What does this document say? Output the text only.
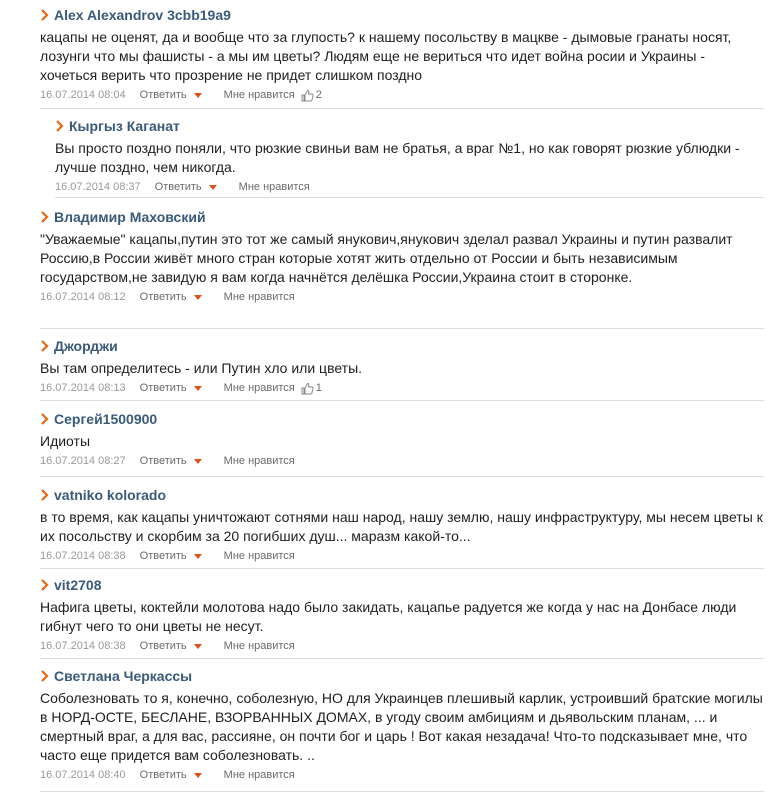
Alex Alexandrov 3cbb19a9
кацапы не оценят, да и вообще что за глупость? к нашему посольству в мацкве - дымовые гранаты носят, лозунги что мы фашисты - а мы им цветы? Людям еще не вериться что идет война росии и Украины - хочеться верить что прозрение не придет слишком поздно
16.07.2014 08:04 Ответить	Мне нравится 2
Кыргыз Каганат
Вы просто поздно поняли, что рюзкие свиньи вам не братья, а враг №1, но как говорят рюзкие ублюдки - лучше поздно, чем никогда.
16.07.2014 08:37 Ответить	Мне нравится
Владимир Маховский
"Уважаемые" кацапы,путин это тот же самый янукович,янукович зделал развал Украины и путин развалит Россию,в России живёт много стран которые хотят жить отдельно от России и быть независимым государством,не завидую я вам когда начнётся делёшка России,Украина стоит в сторонке.
16.07.2014 08:12 Ответить	Мне нравится
Джорджи
Вы там определитесь - или Путин хло или цветы.
16.07.2014 08:13 Ответить	Мне нравится 1
Сергей1500900
Идиоты
16.07.2014 08:27 Ответить	Мне нравится
vatniko kolorado
в то время, как кацапы уничтожают сотнями наш народ, нашу землю, нашу инфраструктуру, мы несем цветы к их посольству и скорбим за 20 погибших душ... маразм какой-то...
16.07.2014 08:38 Ответить	Мне нравится
vit2708
Нафига цветы, коктейли молотова надо было закидать, кацапье радуется же когда у нас на Донбасе люди гибнут чего то они цветы не несут.
16.07.2014 08:38 Ответить	Мне нравится
Светлана Черкассы
Соболезновать то я, конечно, соболезную, НО для Украинцев плешивый карлик, устроивший братские могилы в НОРД-ОСТЕ, БЕСЛАНЕ, ВЗОРВАННЫХ ДОМАХ, в угоду своим амбициям и дьявольским планам, ... и смертный враг, а для вас, рассияне, он почти бог и царь ! Вот какая незадача! Что-то подсказывает мне, что часто еще придется вам соболезновать. ..
16.07.2014 08:40 Ответить	Мне нравится
